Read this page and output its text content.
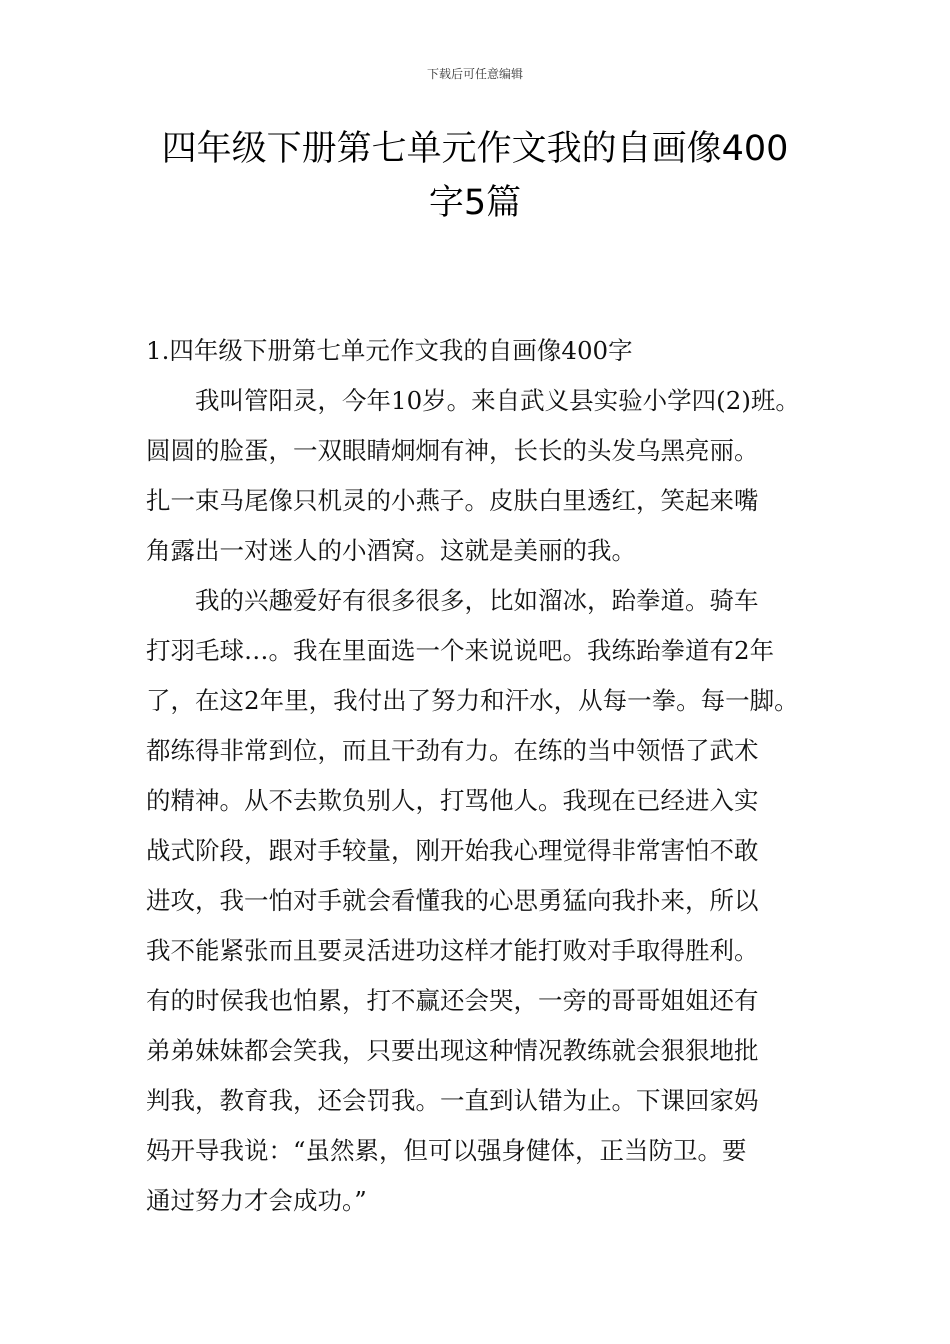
下载后可任意编辑
四年级下册第七单元作文我的自画像400
字5篇
1.四年级下册第七单元作文我的自画像400字
我叫管阳灵，今年10岁。来自武义县实验小学四(2)班。
圆圆的脸蛋，一双眼睛炯炯有神，长长的头发乌黑亮丽。
扎一束马尾像只机灵的小燕子。皮肤白里透红，笑起来嘴
角露出一对迷人的小酒窝。这就是美丽的我。
我的兴趣爱好有很多很多，比如溜冰，跆拳道。骑车
打羽毛球…。我在里面选一个来说说吧。我练跆拳道有2年
了，在这2年里，我付出了努力和汗水，从每一拳。每一脚。
都练得非常到位，而且干劲有力。在练的当中领悟了武术
的精神。从不去欺负别人，打骂他人。我现在已经进入实
战式阶段，跟对手较量，刚开始我心理觉得非常害怕不敢
进攻，我一怕对手就会看懂我的心思勇猛向我扑来，所以
我不能紧张而且要灵活进功这样才能打败对手取得胜利。
有的时侯我也怕累，打不赢还会哭，一旁的哥哥姐姐还有
弟弟妹妹都会笑我，只要出现这种情况教练就会狠狠地批
判我，教育我，还会罚我。一直到认错为止。下课回家妈
妈开导我说：“虽然累，但可以强身健体，正当防卫。要
通过努力才会成功。”
